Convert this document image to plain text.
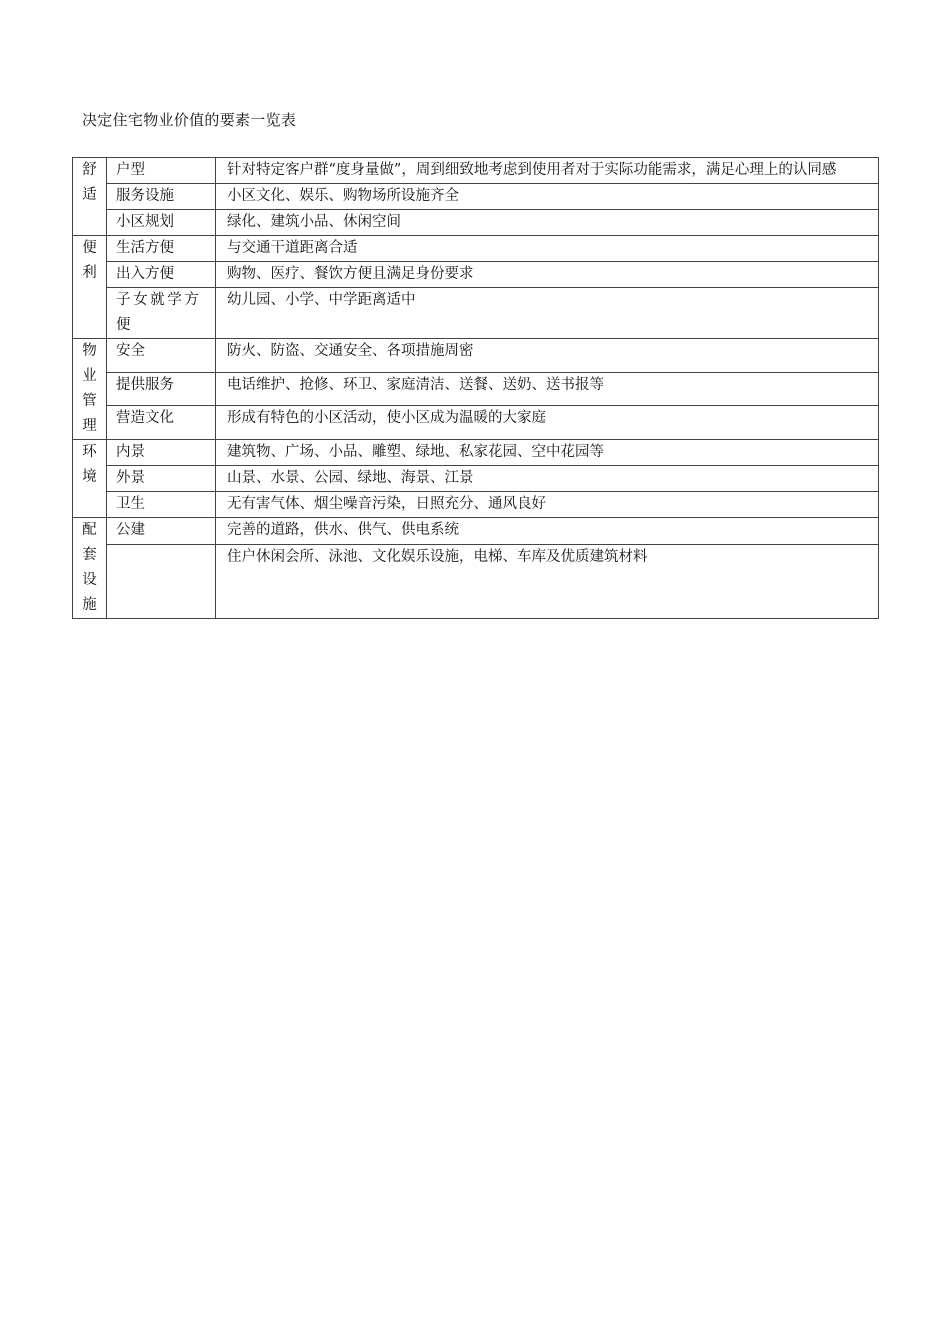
决定住宅物业价值的要素一览表
舒适	户型	针对特定客户群“度身量做”，周到细致地考虑到使用者对于实际功能需求，满足心理上的认同感
	服务设施	小区文化、娱乐、购物场所设施齐全
	小区规划	绿化、建筑小品、休闲空间
便利	生活方便	与交通干道距离合适
	出入方便	购物、医疗、餐饮方便且满足身份要求
	子女就学方便	幼儿园、小学、中学距离适中
物业管理	安全	防火、防盗、交通安全、各项措施周密
	提供服务	电话维护、抢修、环卫、家庭清洁、送餐、送奶、送书报等
	营造文化	形成有特色的小区活动，使小区成为温暖的大家庭
环境	内景	建筑物、广场、小品、雕塑、绿地、私家花园、空中花园等
	外景	山景、水景、公园、绿地、海景、江景
	卫生	无有害气体、烟尘噪音污染，日照充分、通风良好
配套设施	公建	完善的道路，供水、供气、供电系统
		住户休闲会所、泳池、文化娱乐设施，电梯、车库及优质建筑材料
